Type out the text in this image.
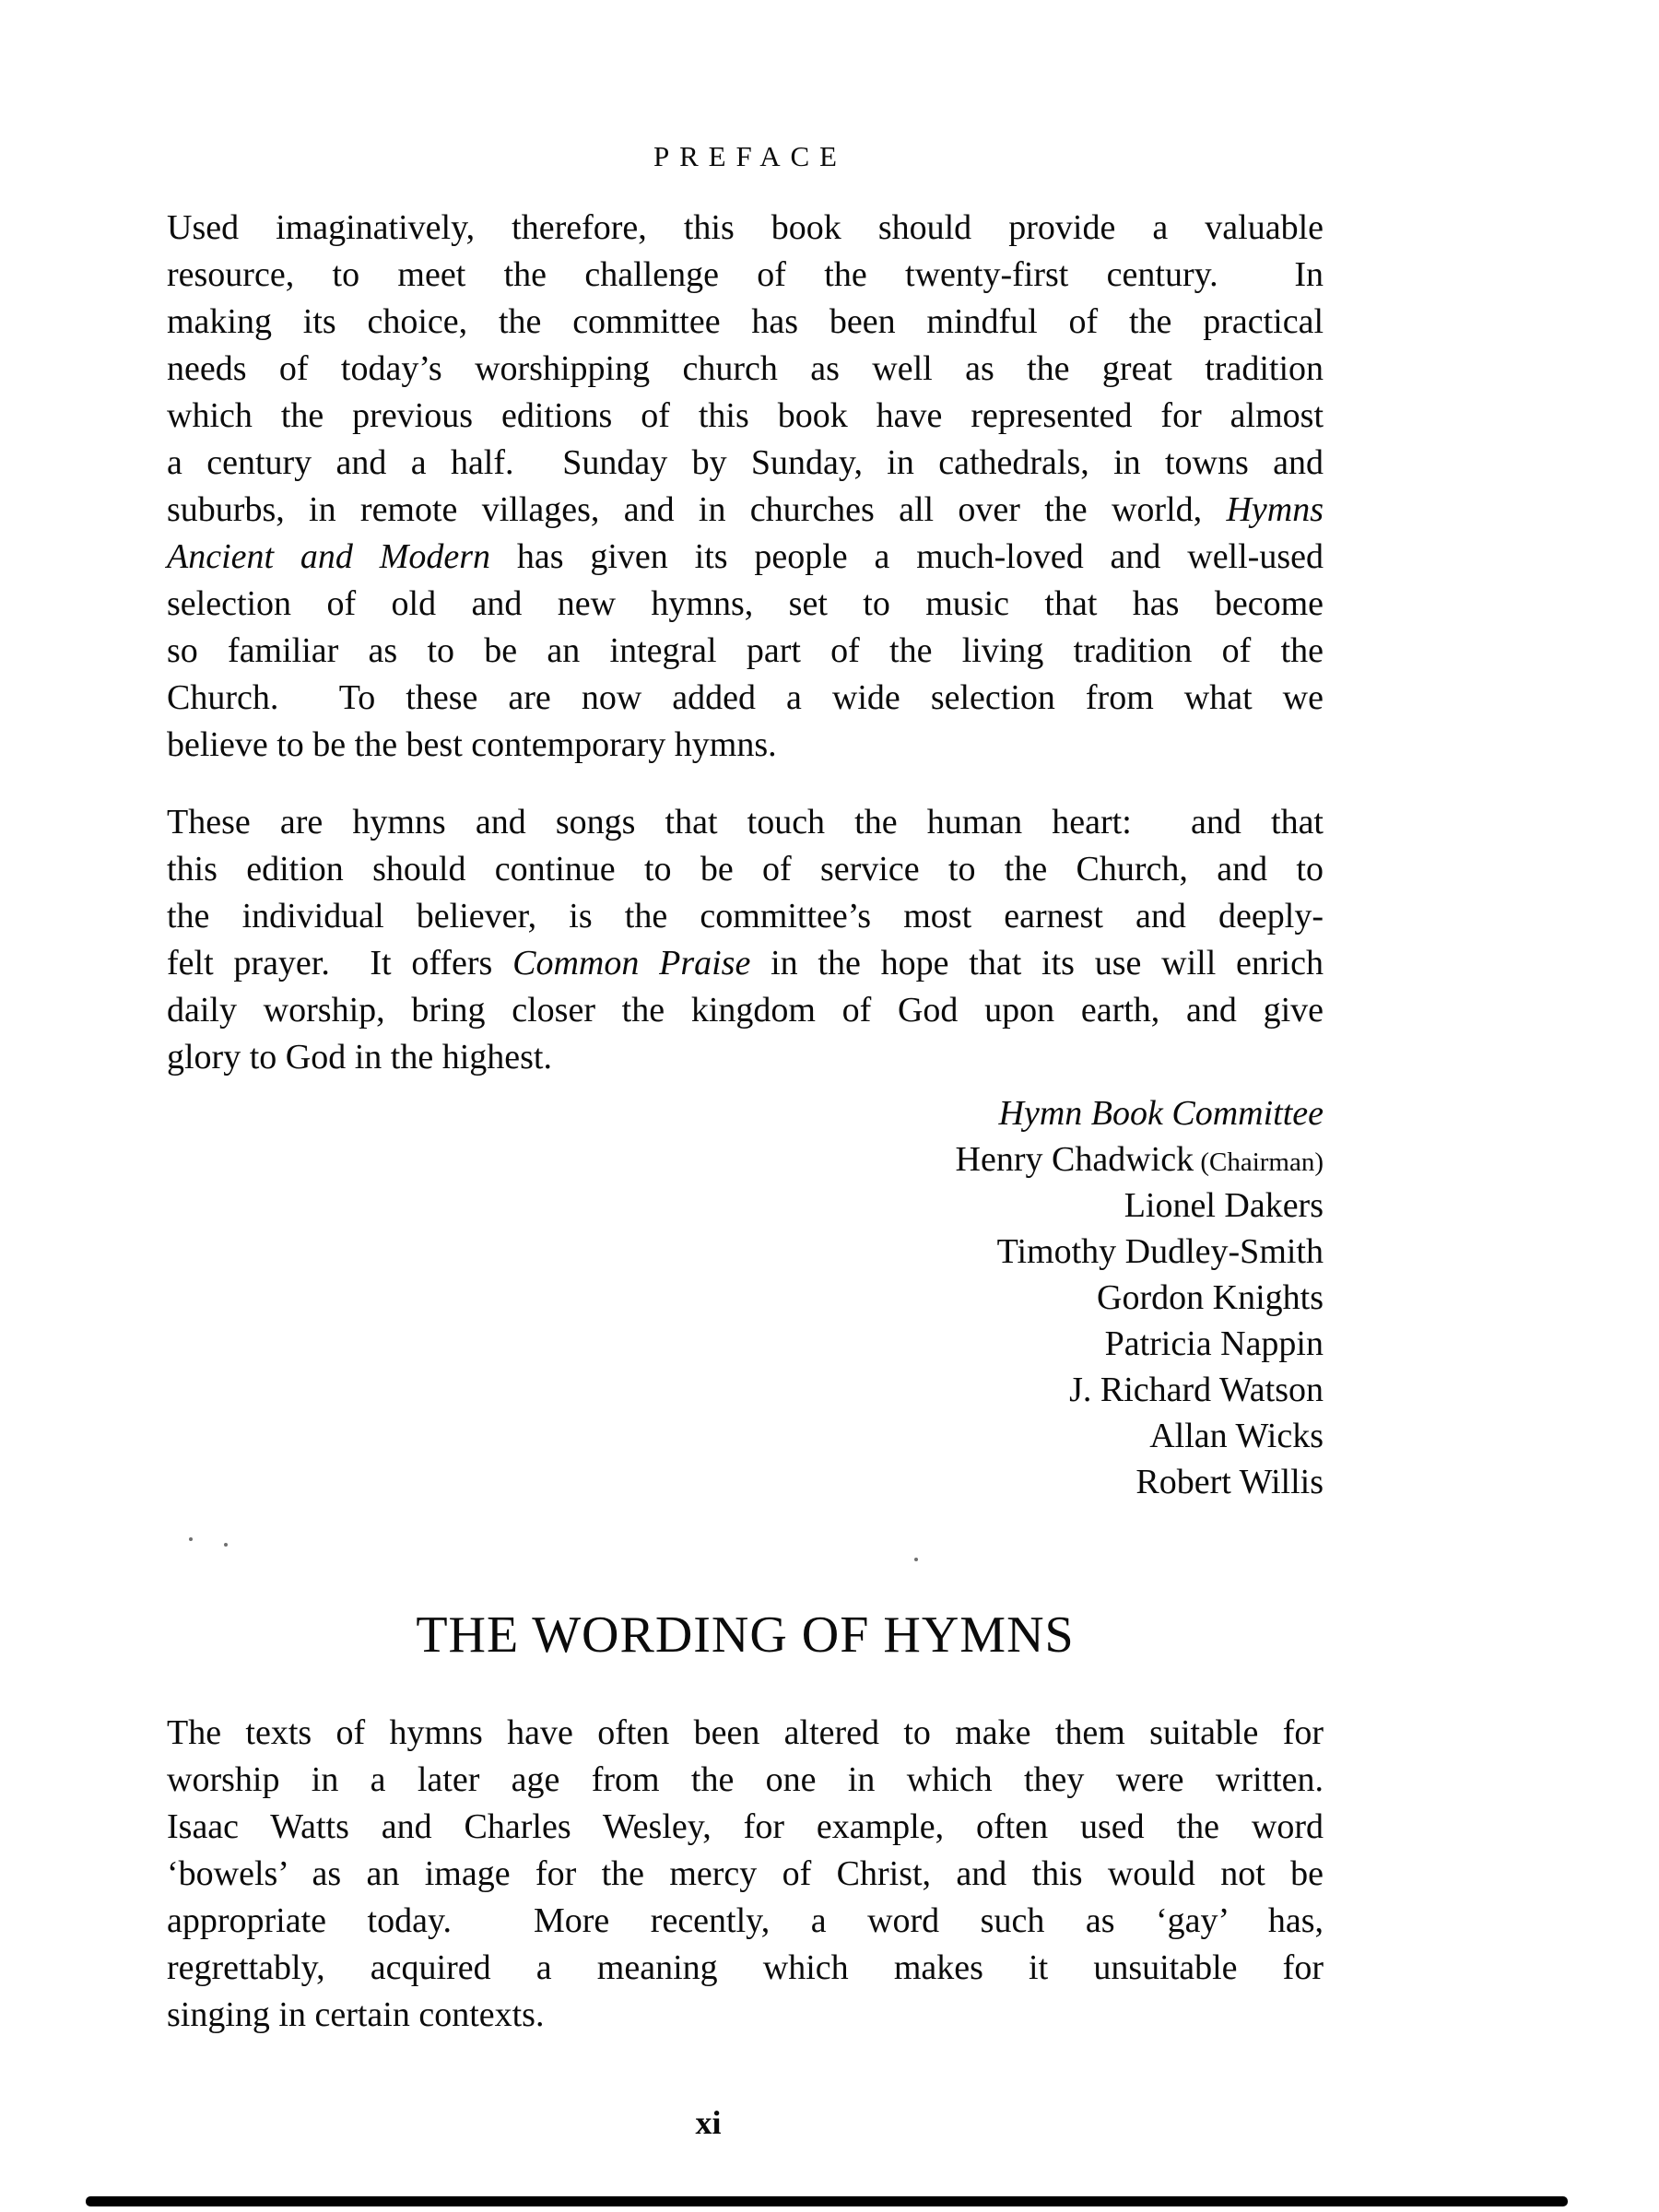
PREFACE
Used imaginatively, therefore, this book should provide a valuable
resource, to meet the challenge of the twenty-first century.  In
making its choice, the committee has been mindful of the practical
needs of today’s worshipping church as well as the great tradition
which the previous editions of this book have represented for almost
a century and a half.  Sunday by Sunday, in cathedrals, in towns and
suburbs, in remote villages, and in churches all over the world, Hymns
Ancient and Modern has given its people a much-loved and well-used
selection of old and new hymns, set to music that has become
so familiar as to be an integral part of the living tradition of the
Church.  To these are now added a wide selection from what we
believe to be the best contemporary hymns.
These are hymns and songs that touch the human heart:  and that
this edition should continue to be of service to the Church, and to
the individual believer, is the committee’s most earnest and deeply-
felt prayer.  It offers Common Praise in the hope that its use will enrich
daily worship, bring closer the kingdom of God upon earth, and give
glory to God in the highest.
Hymn Book Committee
Henry Chadwick (Chairman)
Lionel Dakers
Timothy Dudley-Smith
Gordon Knights
Patricia Nappin
J. Richard Watson
Allan Wicks
Robert Willis
THE WORDING OF HYMNS
The texts of hymns have often been altered to make them suitable for
worship in a later age from the one in which they were written.
Isaac Watts and Charles Wesley, for example, often used the word
‘bowels’ as an image for the mercy of Christ, and this would not be
appropriate today.  More recently, a word such as ‘gay’ has,
regrettably, acquired a meaning which makes it unsuitable for
singing in certain contexts.
xi
